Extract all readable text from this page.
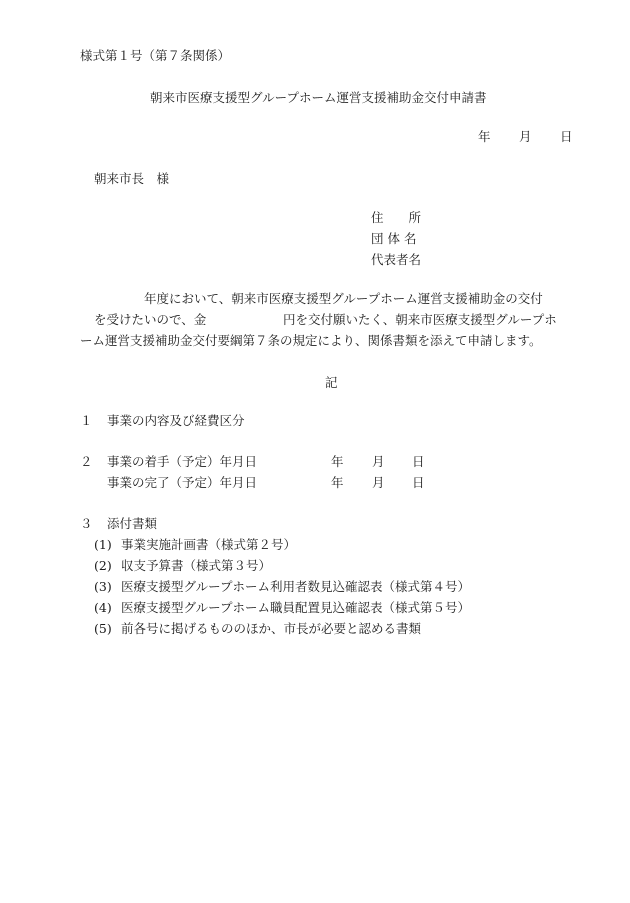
様式第１号（第７条関係）
朝来市医療支援型グループホーム運営支援補助金交付申請書
年 月 日
朝来市長　様
住　　所
団 体 名
代表者名
年度において、朝来市医療支援型グループホーム運営支援補助金の交付
を受けたいので、金	円を交付願いたく、朝来市医療支援型グループホ
ーム運営支援補助金交付要綱第７条の規定により、関係書類を添えて申請します。
記
１ 事業の内容及び経費区分
２ 事業の着手（予定）年月日	年 月 日
事業の完了（予定）年月日	年 月 日
３ 添付書類
(1) 事業実施計画書（様式第２号）
(2) 収支予算書（様式第３号）
(3) 医療支援型グループホーム利用者数見込確認表（様式第４号）
(4) 医療支援型グループホーム職員配置見込確認表（様式第５号）
(5) 前各号に掲げるもののほか、市長が必要と認める書類
